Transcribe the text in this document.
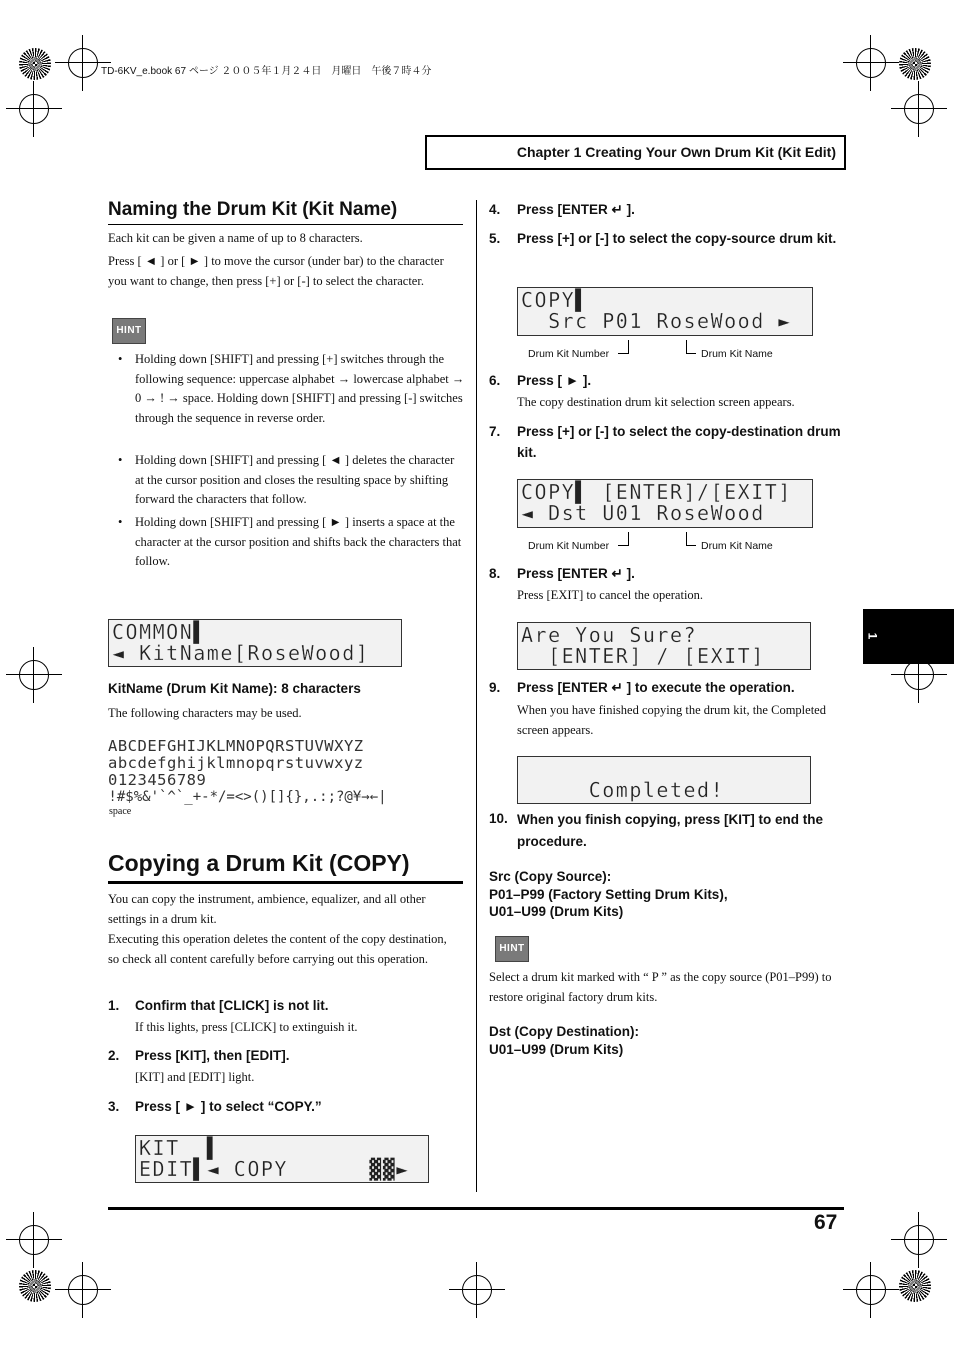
TD-6KV_e.book 67 ページ ２００５年１月２４日　月曜日　午後７時４分
Chapter 1 Creating Your Own Drum Kit (Kit Edit)
1
Naming the Drum Kit (Kit Name)
Each kit can be given a name of up to 8 characters.
Press [ ◄ ] or [ ► ] to move the cursor (under bar) to the character you want to change, then press [+] or [-] to select the character.
HINT
• Holding down [SHIFT] and pressing [+] switches through the following sequence: uppercase alphabet → lowercase alphabet → 0 → ! → space. Holding down [SHIFT] and pressing [-] switches through the sequence in reverse order.
• Holding down [SHIFT] and pressing [ ◄ ] deletes the character at the cursor position and closes the resulting space by shifting forward the characters that follow.
• Holding down [SHIFT] and pressing [ ► ] inserts a space at the character at the cursor position and shifts back the characters that follow.
COMMON▌
◄ KitName[RoseWood]
KitName (Drum Kit Name): 8 characters
The following characters may be used.
ABCDEFGHIJKLMNOPQRSTUVWXYZ
abcdefghijklmnopqrstuvwxyz
0123456789
!#$%&'`^`_+-*/=<>()[]{},.:;?@¥→←|
space
Copying a Drum Kit (COPY)
You can copy the instrument, ambience, equalizer, and all other settings in a drum kit.
Executing this operation deletes the content of the copy destination, so check all content carefully before carrying out this operation.
1. Confirm that [CLICK] is not lit.
If this lights, press [CLICK] to extinguish it.
2. Press [KIT], then [EDIT].
[KIT] and [EDIT] light.
3. Press [ ► ] to select “COPY.”
KIT  ▌
EDIT▌◄ COPY      ▓▓►
4. Press [ENTER ↵ ].
5. Press [+] or [-] to select the copy-source drum kit.
COPY▌
Src P01 RoseWood ►
Drum Kit Number	Drum Kit Name
6. Press [ ► ].
The copy destination drum kit selection screen appears.
7. Press [+] or [-] to select the copy-destination drum kit.
COPY▌ [ENTER]/[EXIT]
◄ Dst U01 RoseWood
Drum Kit Number	Drum Kit Name
8. Press [ENTER ↵ ].
Press [EXIT] to cancel the operation.
Are You Sure?
[ENTER] / [EXIT]
9. Press [ENTER ↵ ] to execute the operation.
When you have finished copying the drum kit, the Completed screen appears.
Completed!
10. When you finish copying, press [KIT] to end the procedure.
Src (Copy Source):
P01–P99 (Factory Setting Drum Kits),
U01–U99 (Drum Kits)
HINT
Select a drum kit marked with “ P ” as the copy source (P01–P99) to restore original factory drum kits.
Dst (Copy Destination):
U01–U99 (Drum Kits)
67
